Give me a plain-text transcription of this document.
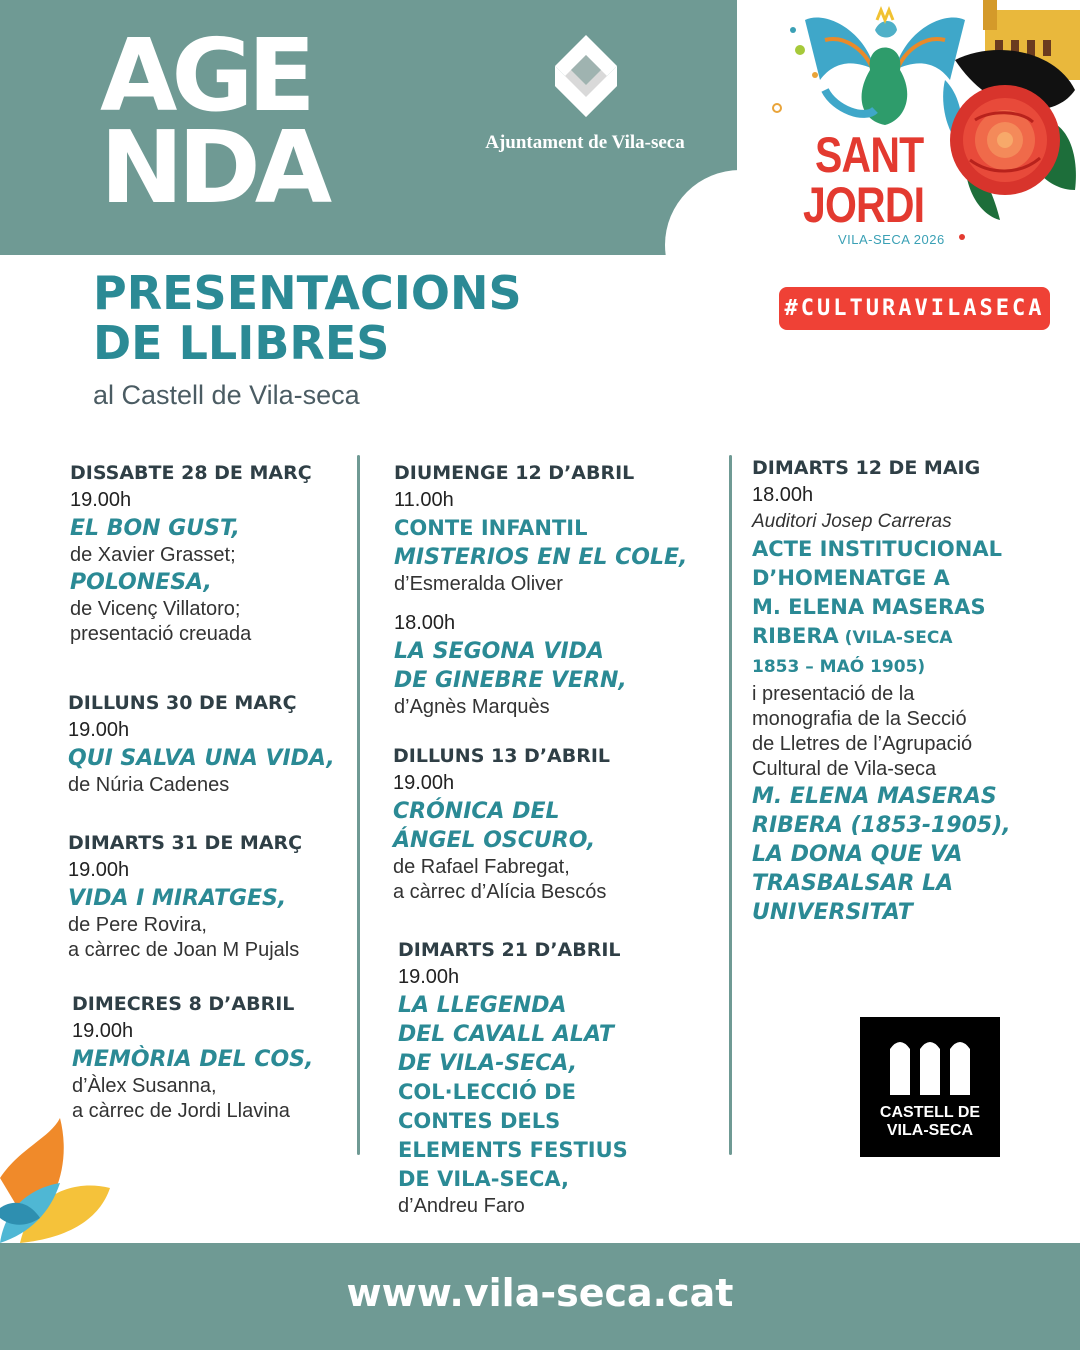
AGE
NDA	Ajuntament de Vila-seca	SANT
JORDI
VILA-SECA 2026
#CULTURAVILASECA
PRESENTACIONS
DE LLIBRES
al Castell de Vila-seca
DISSABTE 28 DE MARÇ
19.00h
EL BON GUST,
de Xavier Grasset;
POLONESA,
de Vicenç Villatoro;
presentació creuada
DILLUNS 30 DE MARÇ
19.00h
QUI SALVA UNA VIDA,
de Núria Cadenes
DIMARTS 31 DE MARÇ
19.00h
VIDA I MIRATGES,
de Pere Rovira,
a càrrec de Joan M Pujals
DIMECRES 8 D’ABRIL
19.00h
MEMÒRIA DEL COS,
d’Àlex Susanna,
a càrrec de Jordi Llavina
DIUMENGE 12 D’ABRIL
11.00h
CONTE INFANTIL
MISTERIOS EN EL COLE,
d’Esmeralda Oliver
18.00h
LA SEGONA VIDA
DE GINEBRE VERN,
d’Agnès Marquès
DILLUNS 13 D’ABRIL
19.00h
CRÓNICA DEL
ÁNGEL OSCURO,
de Rafael Fabregat,
a càrrec d’Alícia Bescós
DIMARTS 21 D’ABRIL
19.00h
LA LLEGENDA
DEL CAVALL ALAT
DE VILA-SECA,
COL·LECCIÓ DE
CONTES DELS
ELEMENTS FESTIUS
DE VILA-SECA,
d’Andreu Faro
DIMARTS 12 DE MAIG
18.00h
Auditori Josep Carreras
ACTE INSTITUCIONAL
D’HOMENATGE A
M. ELENA MASERAS
RIBERA (VILA-SECA
1853 – MAÓ 1905)
i presentació de la
monografia de la Secció
de Lletres de l’Agrupació
Cultural de Vila-seca
M. ELENA MASERAS
RIBERA (1853-1905),
LA DONA QUE VA
TRASBALSAR LA
UNIVERSITAT
CASTELL DE
VILA-SECA
www.vila-seca.cat
